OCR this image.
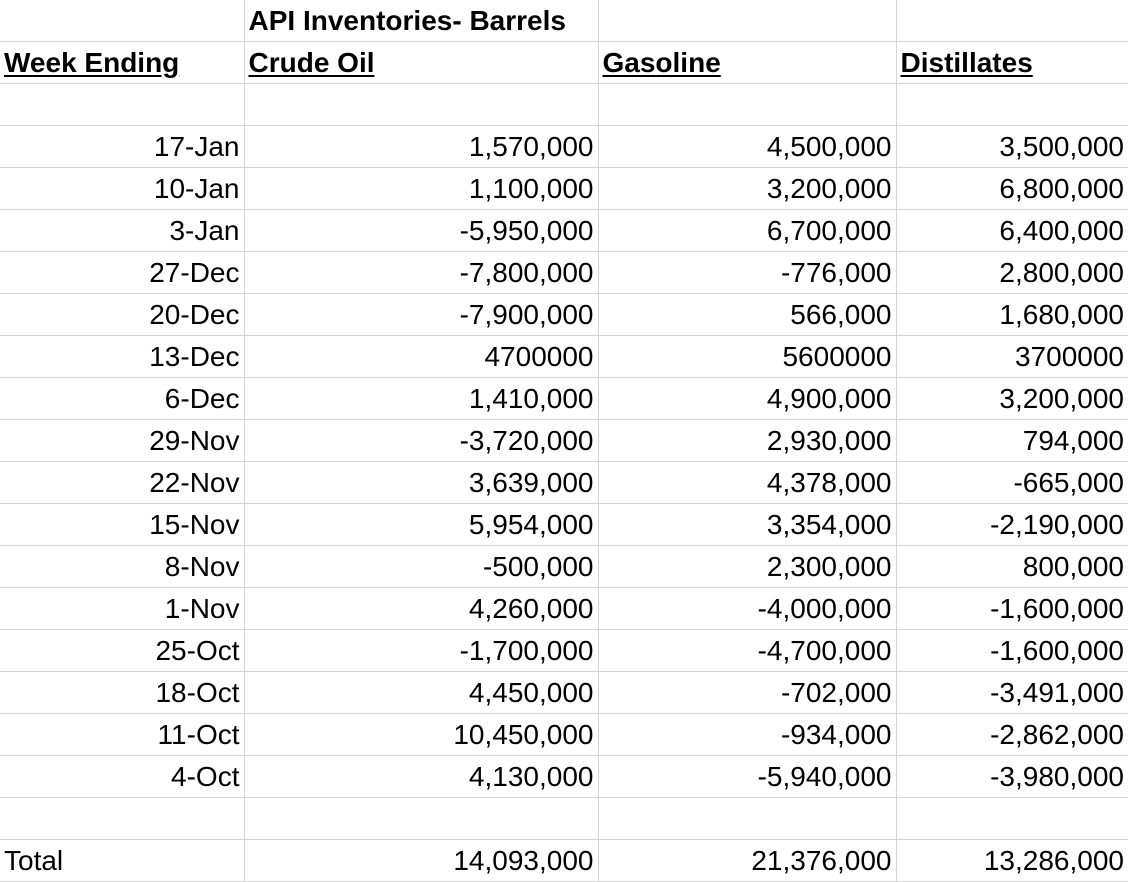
	API Inventories- Barrels		
Week Ending	Crude Oil	Gasoline	Distillates

17-Jan	1,570,000	4,500,000	3,500,000
10-Jan	1,100,000	3,200,000	6,800,000
3-Jan	-5,950,000	6,700,000	6,400,000
27-Dec	-7,800,000	-776,000	2,800,000
20-Dec	-7,900,000	566,000	1,680,000
13-Dec	4700000	5600000	3700000
6-Dec	1,410,000	4,900,000	3,200,000
29-Nov	-3,720,000	2,930,000	794,000
22-Nov	3,639,000	4,378,000	-665,000
15-Nov	5,954,000	3,354,000	-2,190,000
8-Nov	-500,000	2,300,000	800,000
1-Nov	4,260,000	-4,000,000	-1,600,000
25-Oct	-1,700,000	-4,700,000	-1,600,000
18-Oct	4,450,000	-702,000	-3,491,000
11-Oct	10,450,000	-934,000	-2,862,000
4-Oct	4,130,000	-5,940,000	-3,980,000

Total	14,093,000	21,376,000	13,286,000
